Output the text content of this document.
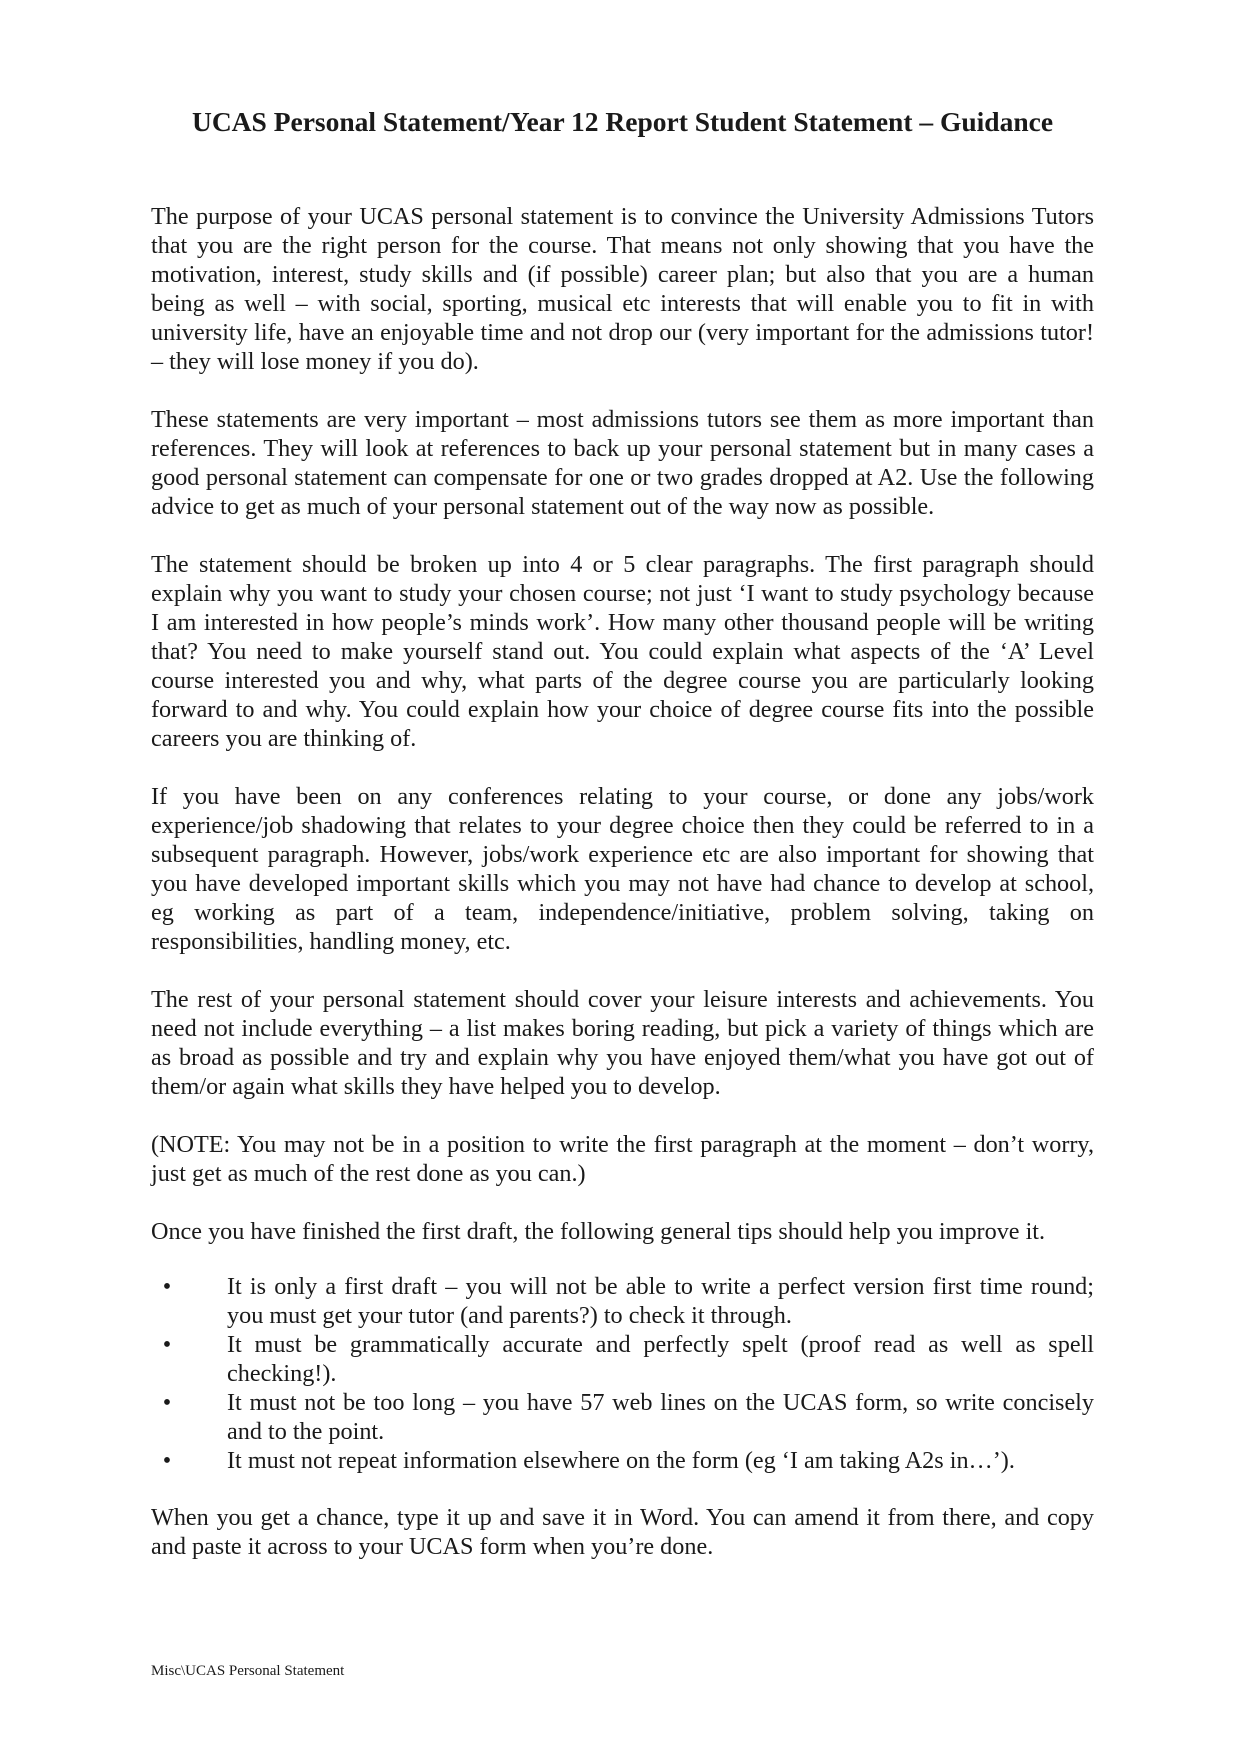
UCAS Personal Statement/Year 12 Report Student Statement – Guidance

The purpose of your UCAS personal statement is to convince the University Admissions Tutors that you are the right person for the course. That means not only showing that you have the motivation, interest, study skills and (if possible) career plan; but also that you are a human being as well – with social, sporting, musical etc interests that will enable you to fit in with university life, have an enjoyable time and not drop our (very important for the admissions tutor! – they will lose money if you do).

These statements are very important – most admissions tutors see them as more important than references. They will look at references to back up your personal statement but in many cases a good personal statement can compensate for one or two grades dropped at A2. Use the following advice to get as much of your personal statement out of the way now as possible.

The statement should be broken up into 4 or 5 clear paragraphs. The first paragraph should explain why you want to study your chosen course; not just ‘I want to study psychology because I am interested in how people’s minds work’. How many other thousand people will be writing that? You need to make yourself stand out. You could explain what aspects of the ‘A’ Level course interested you and why, what parts of the degree course you are particularly looking forward to and why. You could explain how your choice of degree course fits into the possible careers you are thinking of.

If you have been on any conferences relating to your course, or done any jobs/work experience/job shadowing that relates to your degree choice then they could be referred to in a subsequent paragraph. However, jobs/work experience etc are also important for showing that you have developed important skills which you may not have had chance to develop at school, eg working as part of a team, independence/initiative, problem solving, taking on responsibilities, handling money, etc.

The rest of your personal statement should cover your leisure interests and achievements. You need not include everything – a list makes boring reading, but pick a variety of things which are as broad as possible and try and explain why you have enjoyed them/what you have got out of them/or again what skills they have helped you to develop.

(NOTE: You may not be in a position to write the first paragraph at the moment – don’t worry, just get as much of the rest done as you can.)

Once you have finished the first draft, the following general tips should help you improve it.

• It is only a first draft – you will not be able to write a perfect version first time round; you must get your tutor (and parents?) to check it through.
• It must be grammatically accurate and perfectly spelt (proof read as well as spell checking!).
• It must not be too long – you have 57 web lines on the UCAS form, so write concisely and to the point.
• It must not repeat information elsewhere on the form (eg ‘I am taking A2s in…’).

When you get a chance, type it up and save it in Word. You can amend it from there, and copy and paste it across to your UCAS form when you’re done.

Misc\UCAS Personal Statement
